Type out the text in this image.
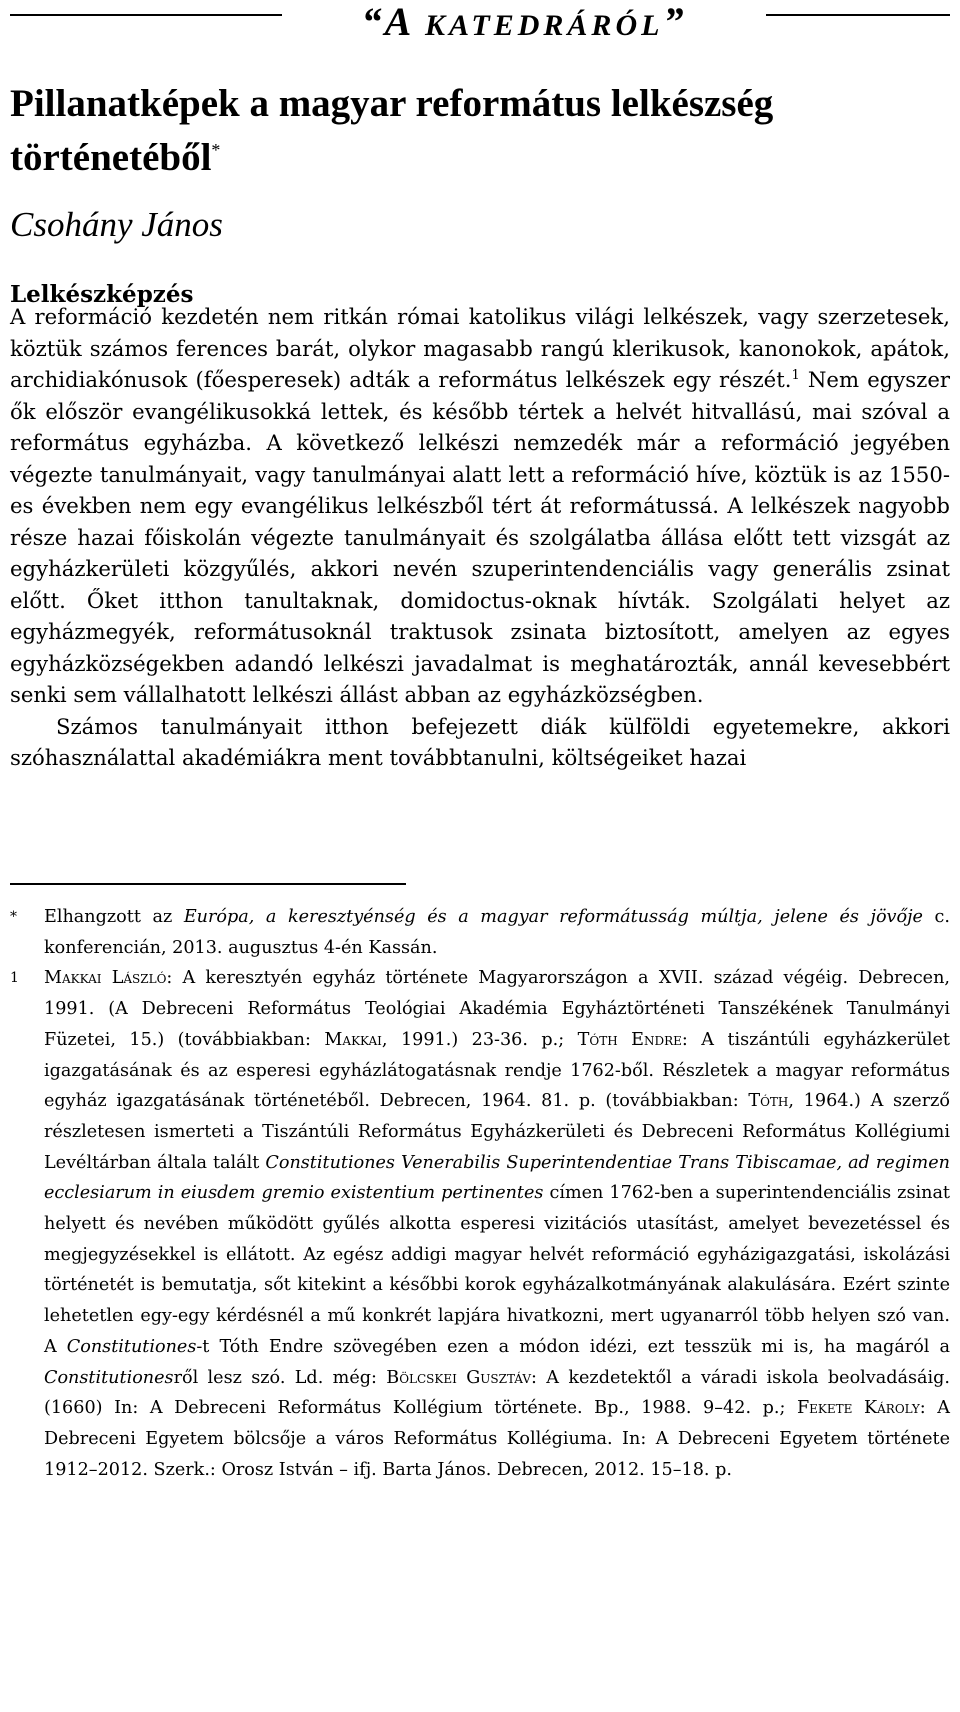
“A KATEDRÁRÓL”
Pillanatképek a magyar református lelkészség
történetéből*
Csohány János
Lelkészképzés

A reformáció kezdetén nem ritkán római katolikus világi lelkészek, vagy szerzetesek, köztük számos ferences barát, olykor magasabb rangú klerikusok, kanonokok, apátok, archidiakónusok (főesperesek) adták a református lelkészek egy részét.$^1$ Nem egyszer ők először evangélikusokká lettek, és később tértek a helvét hitvallású, mai szóval a református egyházba. A következő lelkészi nemzedék már a reformáció jegyében végezte tanulmányait, vagy tanulmányai alatt lett a reformáció híve, köztük is az 1550-es években nem egy evangélikus lelkészből tért át reformátussá. A lelkészek nagyobb része hazai főiskolán végezte tanulmányait és szolgálatba állása előtt tett vizsgát az egyházkerületi közgyűlés, akkori nevén szuperintendenciális vagy generális zsinat előtt. Őket itthon tanultaknak, domidoctus-oknak hívták. Szolgálati helyet az egyházmegyék, reformátusoknál traktusok zsinata biztosított, amelyen az egyes egyházközségekben adandó lelkészi javadalmat is meghatározták, annál kevesebbért senki sem vállalhatott lelkészi állást abban az egyházközségben.

Számos tanulmányait itthon befejezett diák külföldi egyetemekre, akkori szóhasználattal akadémiákra ment továbbtanulni, költségeiket hazai

* Elhangzott az Európa, a keresztyénség és a magyar reformátusság múltja, jelene és jövője c. konferencián, 2013. augusztus 4-én Kassán.

1 Makkai László: A keresztyén egyház története Magyarországon a XVII. század végéig. Debrecen, 1991. (A Debreceni Református Teológiai Akadémia Egyháztörténeti Tanszékének Tanulmányi Füzetei, 15.) (továbbiakban: Makkai, 1991.) 23-36. p.; Tóth Endre: A tiszántúli egyházkerület igazgatásának és az esperesi egyházlátogatásnak rendje 1762-ből. Részletek a magyar református egyház igazgatásának történetéből. Debrecen, 1964. 81. p. (továbbiakban: Tóth, 1964.) A szerző részletesen ismerteti a Tiszántúli Református Egyházkerületi és Debreceni Református Kollégiumi Levéltárban általa talált Constitutiones Venerabilis Superintendentiae Trans Tibiscamae, ad regimen ecclesiarum in eiusdem gremio existentium pertinentes címen 1762-ben a superintendenciális zsinat helyett és nevében működött gyűlés alkotta esperesi vizitációs utasítást, amelyet bevezetéssel és megjegyzésekkel is ellátott. Az egész addigi magyar helvét reformáció egyházigazgatási, iskolázási történetét is bemutatja, sőt kitekint a későbbi korok egyházalkotmányának alakulására. Ezért szinte lehetetlen egy-egy kérdésnél a mű konkrét lapjára hivatkozni, mert ugyanarról több helyen szó van. A Constitutiones-t Tóth Endre szövegében ezen a módon idézi, ezt tesszük mi is, ha magáról a Constitutionesről lesz szó. Ld. még: Bölcskei Gusztáv: A kezdetektől a váradi iskola beolvadásáig. (1660) In: A Debreceni Református Kollégium története. Bp., 1988. 9–42. p.; Fekete Károly: A Debreceni Egyetem bölcsője a város Református Kollégiuma. In: A Debreceni Egyetem története 1912–2012. Szerk.: Orosz István – ifj. Barta János. Debrecen, 2012. 15–18. p.
